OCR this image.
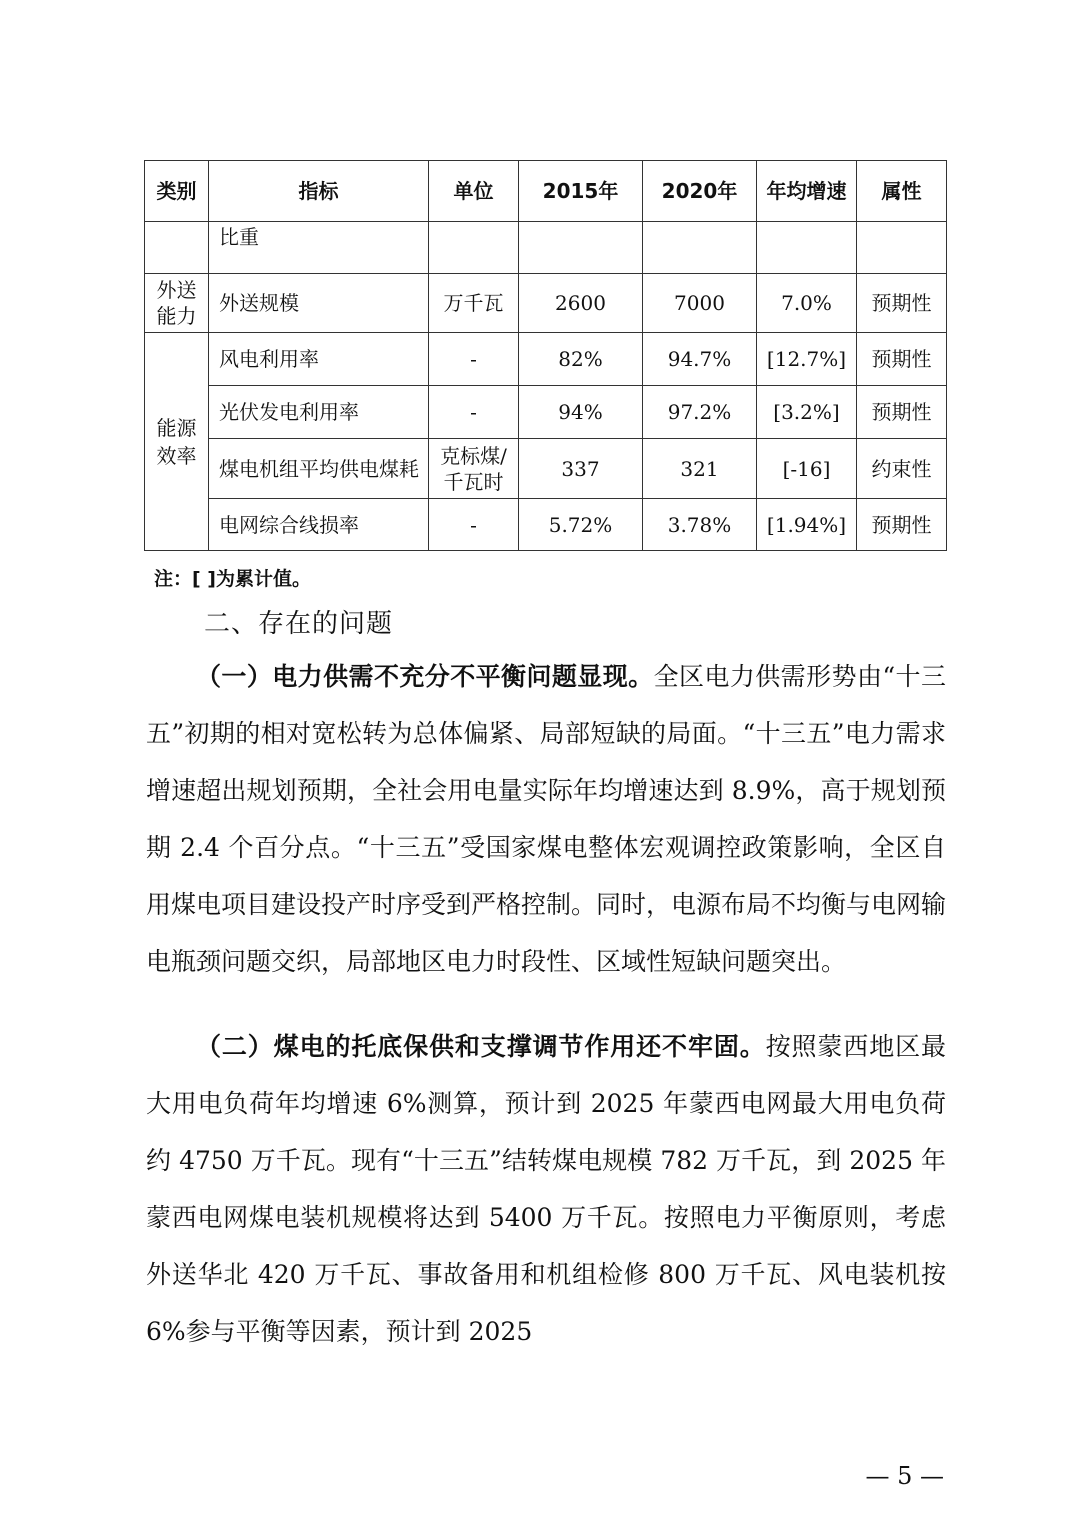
类别	指标	单位	2015年	2020年	年均增速	属性
	比重					
外送能力	外送规模	万千瓦	2600	7000	7.0%	预期性
能源效率	风电利用率	-	82%	94.7%	[12.7%]	预期性
	光伏发电利用率	-	94%	97.2%	[3.2%]	预期性
	煤电机组平均供电煤耗	克标煤/千瓦时	337	321	[-16]	约束性
	电网综合线损率	-	5.72%	3.78%	[1.94%]	预期性
注：[ ]为累计值。
二、存在的问题
（一）电力供需不充分不平衡问题显现。全区电力供需形势由“十三五”初期的相对宽松转为总体偏紧、局部短缺的局面。“十三五”电力需求增速超出规划预期，全社会用电量实际年均增速达到 8.9%，高于规划预期 2.4 个百分点。“十三五”受国家煤电整体宏观调控政策影响，全区自用煤电项目建设投产时序受到严格控制。同时，电源布局不均衡与电网输电瓶颈问题交织，局部地区电力时段性、区域性短缺问题突出。
（二）煤电的托底保供和支撑调节作用还不牢固。按照蒙西地区最大用电负荷年均增速 6%测算，预计到 2025 年蒙西电网最大用电负荷约 4750 万千瓦。现有“十三五”结转煤电规模 782 万千瓦，到 2025 年蒙西电网煤电装机规模将达到 5400 万千瓦。按照电力平衡原则，考虑外送华北 420 万千瓦、事故备用和机组检修 800 万千瓦、风电装机按 6%参与平衡等因素，预计到 2025
— 5 —
